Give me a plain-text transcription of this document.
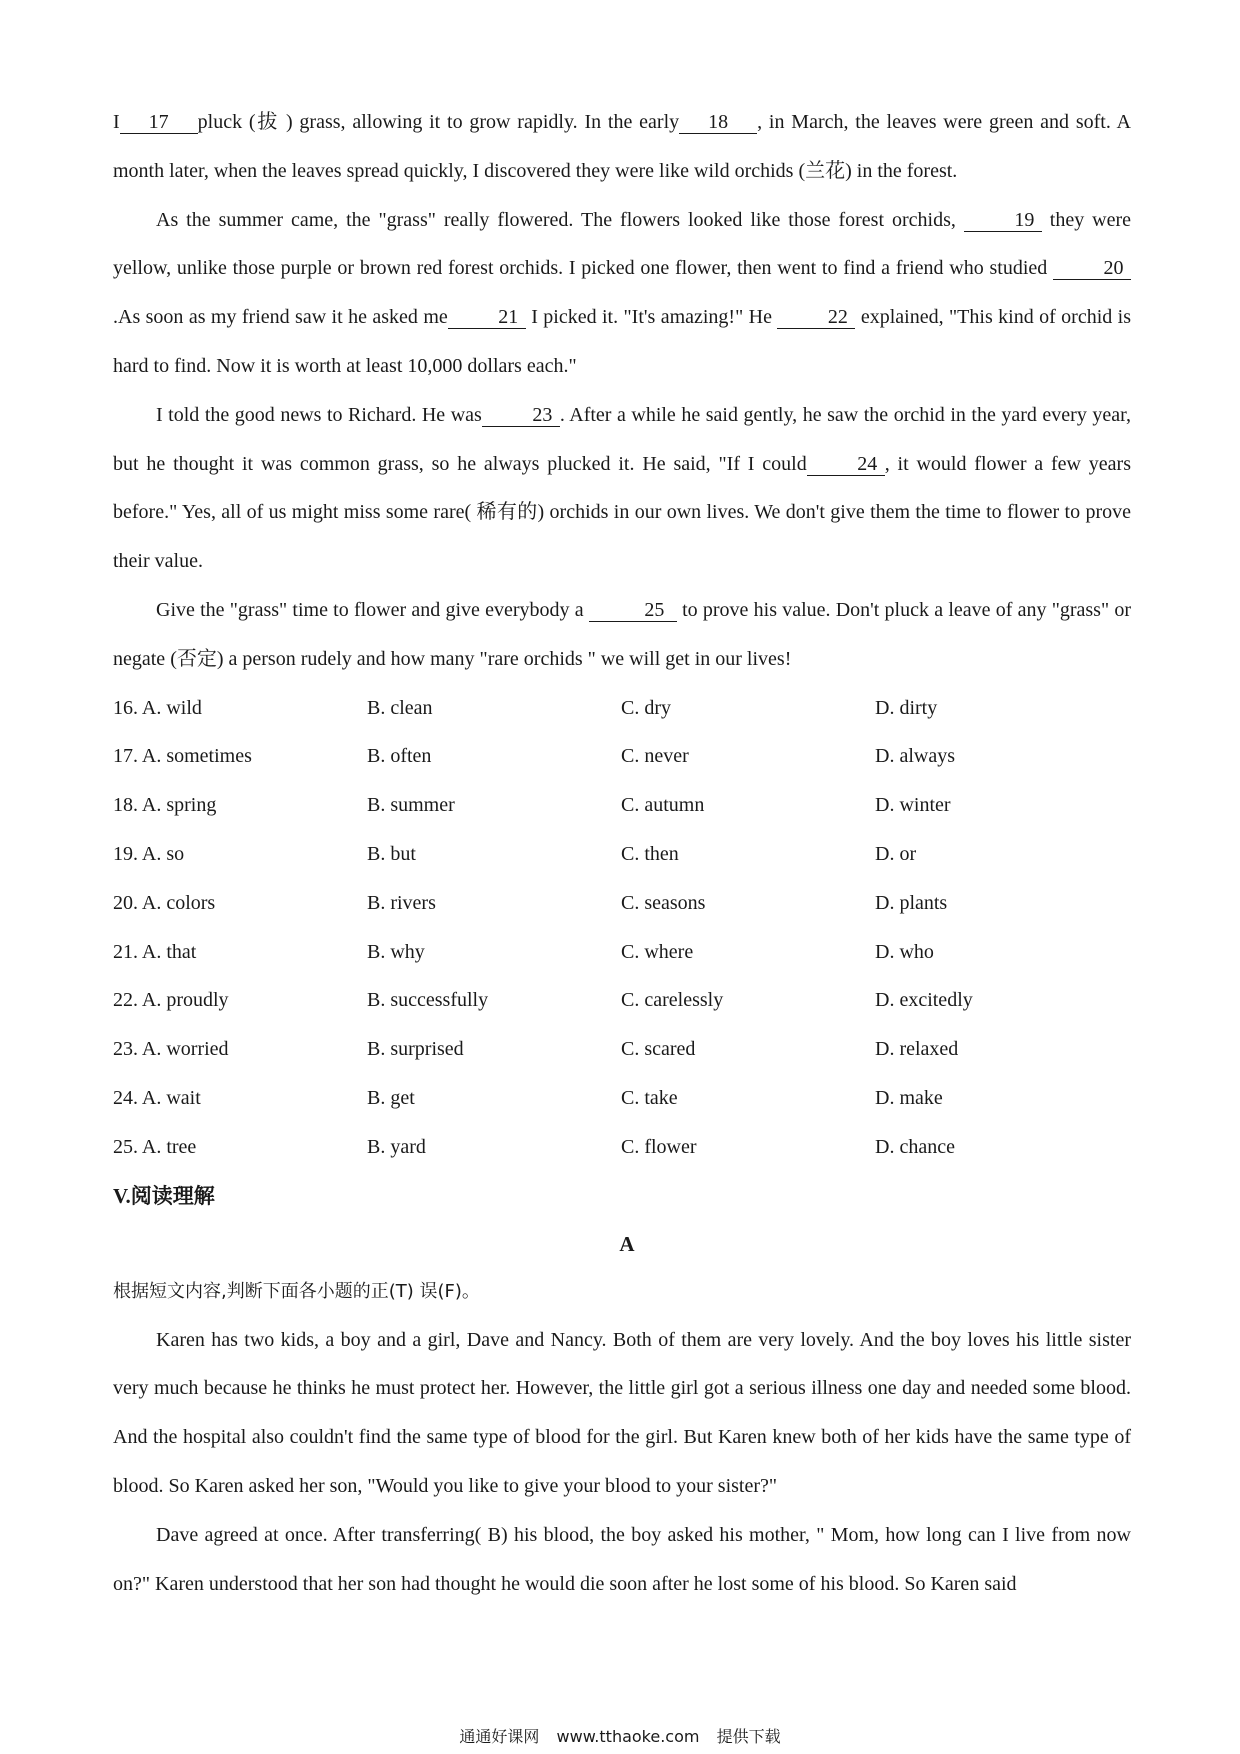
I 17 pluck (拔 ) grass, allowing it to grow rapidly. In the early 18 , in March, the leaves were green and soft. A month later, when the leaves spread quickly, I discovered they were like wild orchids (兰花) in the forest.

As the summer came, the "grass" really flowered. The flowers looked like those forest orchids,	19 they were yellow, unlike those purple or brown red forest orchids. I picked one flower, then went to find a friend who studied	20.As soon as my friend saw it he asked me	21 I picked it. "It's amazing!" He	22 explained, "This kind of orchid is hard to find. Now it is worth at least 10,000 dollars each."

I told the good news to Richard. He was	23 . After a while he said gently, he saw the orchid in the yard every year, but he thought it was common grass, so he always plucked it. He said, "If I could	24 , it would flower a few years before." Yes, all of us might miss some rare( 稀有的) orchids in our own lives. We don't give them the time to flower to prove their value.

Give the "grass" time to flower and give everybody a	25 to prove his value. Don't pluck a leave of any "grass" or negate (否定) a person rudely and how many "rare orchids " we will get in our lives!

16. A. wild	B. clean	C. dry	D. dirty
17. A. sometimes	B. often	C. never	D. always
18. A. spring	B. summer	C. autumn	D. winter
19. A. so	B. but	C. then	D. or
20. A. colors	B. rivers	C. seasons	D. plants
21. A. that	B. why	C. where	D. who
22. A. proudly	B. successfully	C. carelessly	D. excitedly
23. A. worried	B. surprised	C. scared	D. relaxed
24. A. wait	B. get	C. take	D. make
25. A. tree	B. yard	C. flower	D. chance

V.阅读理解

A

根据短文内容,判断下面各小题的正(T) 误(F)。

Karen has two kids, a boy and a girl, Dave and Nancy. Both of them are very lovely. And the boy loves his little sister very much because he thinks he must protect her. However, the little girl got a serious illness one day and needed some blood. And the hospital also couldn't find the same type of blood for the girl. But Karen knew both of her kids have the same type of blood. So Karen asked her son, "Would you like to give your blood to your sister?"

Dave agreed at once. After transferring( B) his blood, the boy asked his mother, " Mom, how long can I live from now on?" Karen understood that her son had thought he would die soon after he lost some of his blood. So Karen said

通通好课网 www.tthaoke.com 提供下载
